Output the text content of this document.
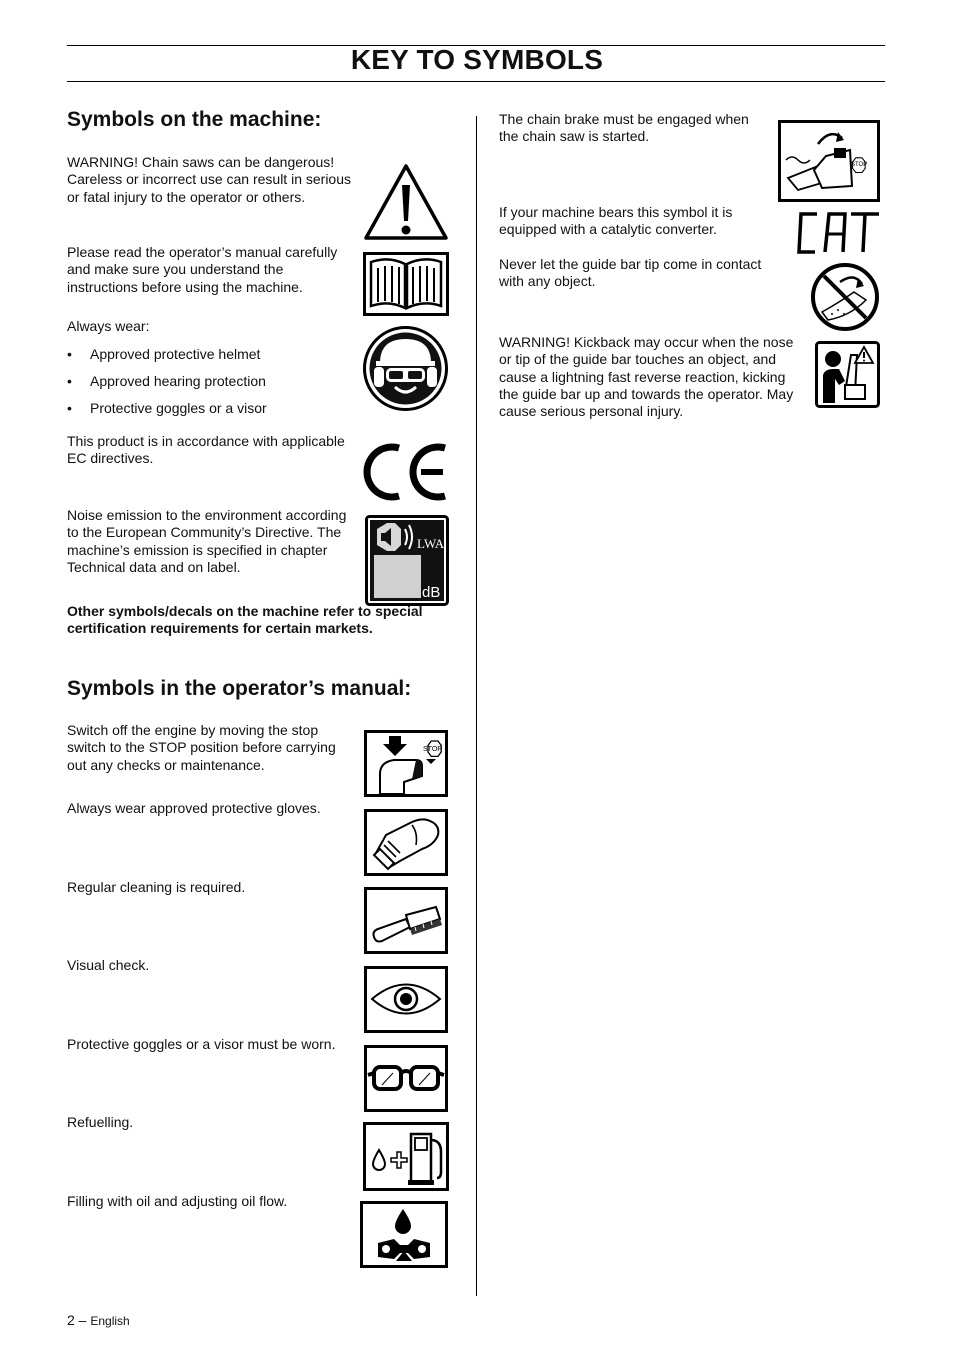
KEY TO SYMBOLS
Symbols on the machine:
WARNING! Chain saws can be dangerous! Careless or incorrect use can result in serious or fatal injury to the operator or others.
Please read the operator’s manual carefully and make sure you understand the instructions before using the machine.
Always wear:
• Approved protective helmet
• Approved hearing protection
• Protective goggles or a visor
This product is in accordance with applicable EC directives.
Noise emission to the environment according to the European Community’s Directive. The machine’s emission is specified in chapter Technical data and on label.
LWA
dB
Other symbols/decals on the machine refer to special certification requirements for certain markets.
Symbols in the operator’s manual:
Switch off the engine by moving the stop switch to the STOP position before carrying out any checks or maintenance.
STOP
Always wear approved protective gloves.
Regular cleaning is required.
Visual check.
Protective goggles or a visor must be worn.
Refuelling.
Filling with oil and adjusting oil flow.
The chain brake must be engaged when the chain saw is started.
STOP
If your machine bears this symbol it is equipped with a catalytic converter.
Never let the guide bar tip come in contact with any object.
WARNING! Kickback may occur when the nose or tip of the guide bar touches an object, and cause a lightning fast reverse reaction, kicking the guide bar up and towards the operator. May cause serious personal injury.
2 – English
